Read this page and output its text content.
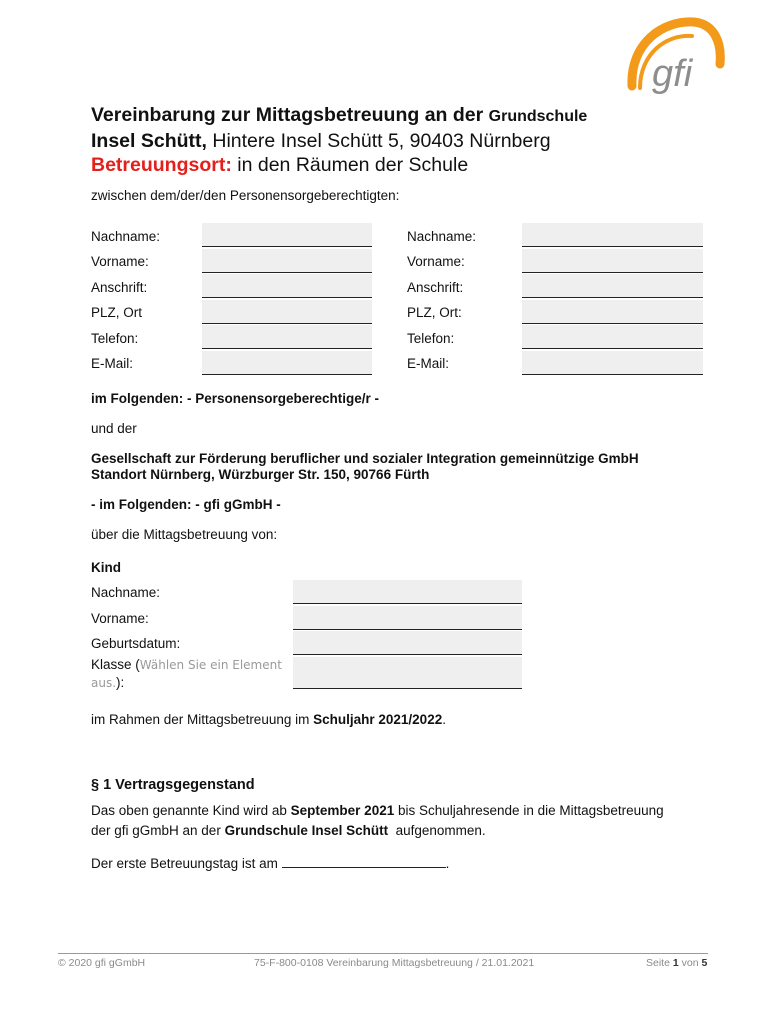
gfi
Vereinbarung zur Mittagsbetreuung an der Grundschule
Insel Schütt, Hintere Insel Schütt 5, 90403 Nürnberg
Betreuungsort: in den Räumen der Schule
zwischen dem/der/den Personensorgeberechtigten:
Nachname:
Vorname:
Anschrift:
PLZ, Ort
Telefon:
E-Mail:
Nachname:
Vorname:
Anschrift:
PLZ, Ort:
Telefon:
E-Mail:
im Folgenden: - Personensorgeberechtige/r -
und der
Gesellschaft zur Förderung beruflicher und sozialer Integration gemeinnützige GmbH
Standort Nürnberg, Würzburger Str. 150, 90766 Fürth
- im Folgenden: - gfi gGmbH -
über die Mittagsbetreuung von:
Kind
Nachname:
Vorname:
Geburtsdatum:
Klasse (Wählen Sie ein Element
aus.):
im Rahmen der Mittagsbetreuung im Schuljahr 2021/2022.
§ 1 Vertragsgegenstand
Das oben genannte Kind wird ab September 2021 bis Schuljahresende in die Mittagsbetreuung
der gfi gGmbH an der Grundschule Insel Schütt aufgenommen.
Der erste Betreuungstag ist am	.
© 2020 gfi gGmbH	75-F-800-0108 Vereinbarung Mittagsbetreuung / 21.01.2021	Seite 1 von 5
